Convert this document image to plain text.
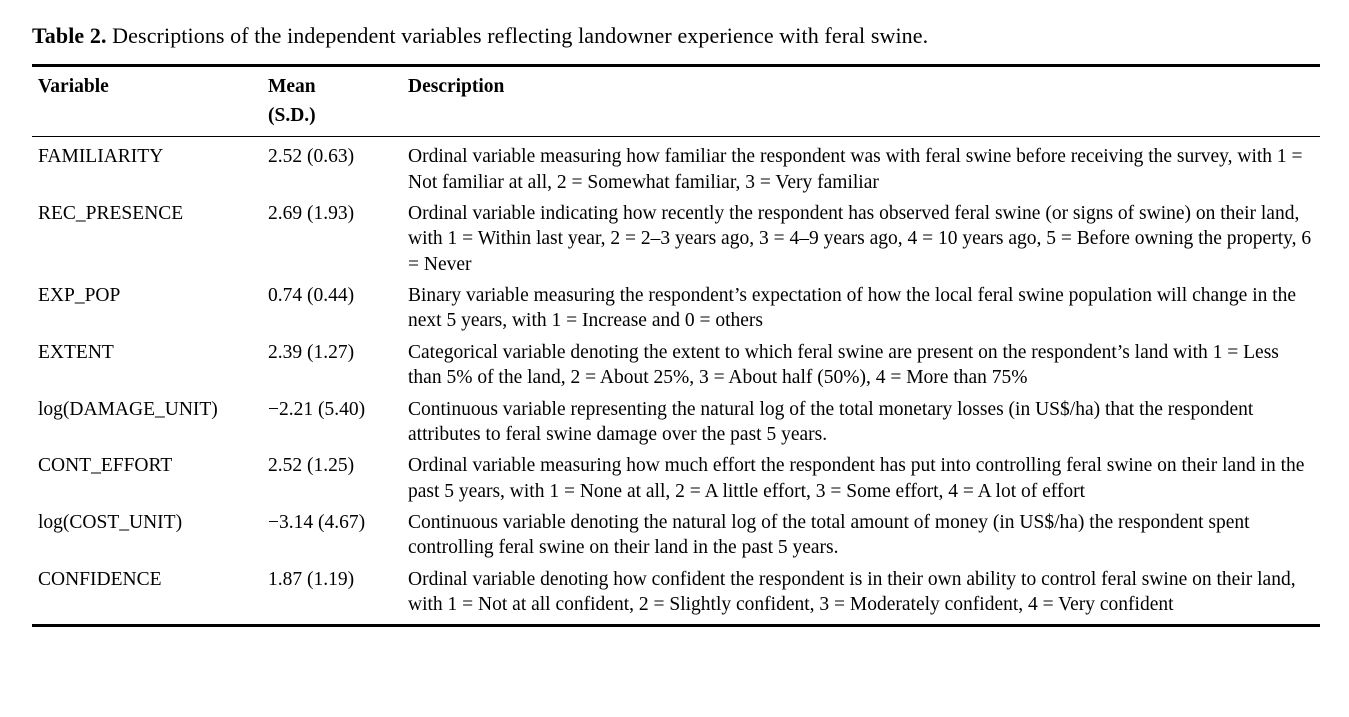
Table 2. Descriptions of the independent variables reflecting landowner experience with feral swine.

Variable	Mean	Description
	(S.D.)	
FAMILIARITY	2.52 (0.63)	Ordinal variable measuring how familiar the respondent was with feral swine before receiving the survey, with 1 = Not familiar at all, 2 = Somewhat familiar, 3 = Very familiar
REC_PRESENCE	2.69 (1.93)	Ordinal variable indicating how recently the respondent has observed feral swine (or signs of swine) on their land, with 1 = Within last year, 2 = 2–3 years ago, 3 = 4–9 years ago, 4 = 10 years ago, 5 = Before owning the property, 6 = Never
EXP_POP	0.74 (0.44)	Binary variable measuring the respondent’s expectation of how the local feral swine population will change in the next 5 years, with 1 = Increase and 0 = others
EXTENT	2.39 (1.27)	Categorical variable denoting the extent to which feral swine are present on the respondent’s land with 1 = Less than 5% of the land, 2 = About 25%, 3 = About half (50%), 4 = More than 75%
log(DAMAGE_UNIT)	−2.21 (5.40)	Continuous variable representing the natural log of the total monetary losses (in US$/ha) that the respondent attributes to feral swine damage over the past 5 years.
CONT_EFFORT	2.52 (1.25)	Ordinal variable measuring how much effort the respondent has put into controlling feral swine on their land in the past 5 years, with 1 = None at all, 2 = A little effort, 3 = Some effort, 4 = A lot of effort
log(COST_UNIT)	−3.14 (4.67)	Continuous variable denoting the natural log of the total amount of money (in US$/ha) the respondent spent controlling feral swine on their land in the past 5 years.
CONFIDENCE	1.87 (1.19)	Ordinal variable denoting how confident the respondent is in their own ability to control feral swine on their land, with 1 = Not at all confident, 2 = Slightly confident, 3 = Moderately confident, 4 = Very confident
